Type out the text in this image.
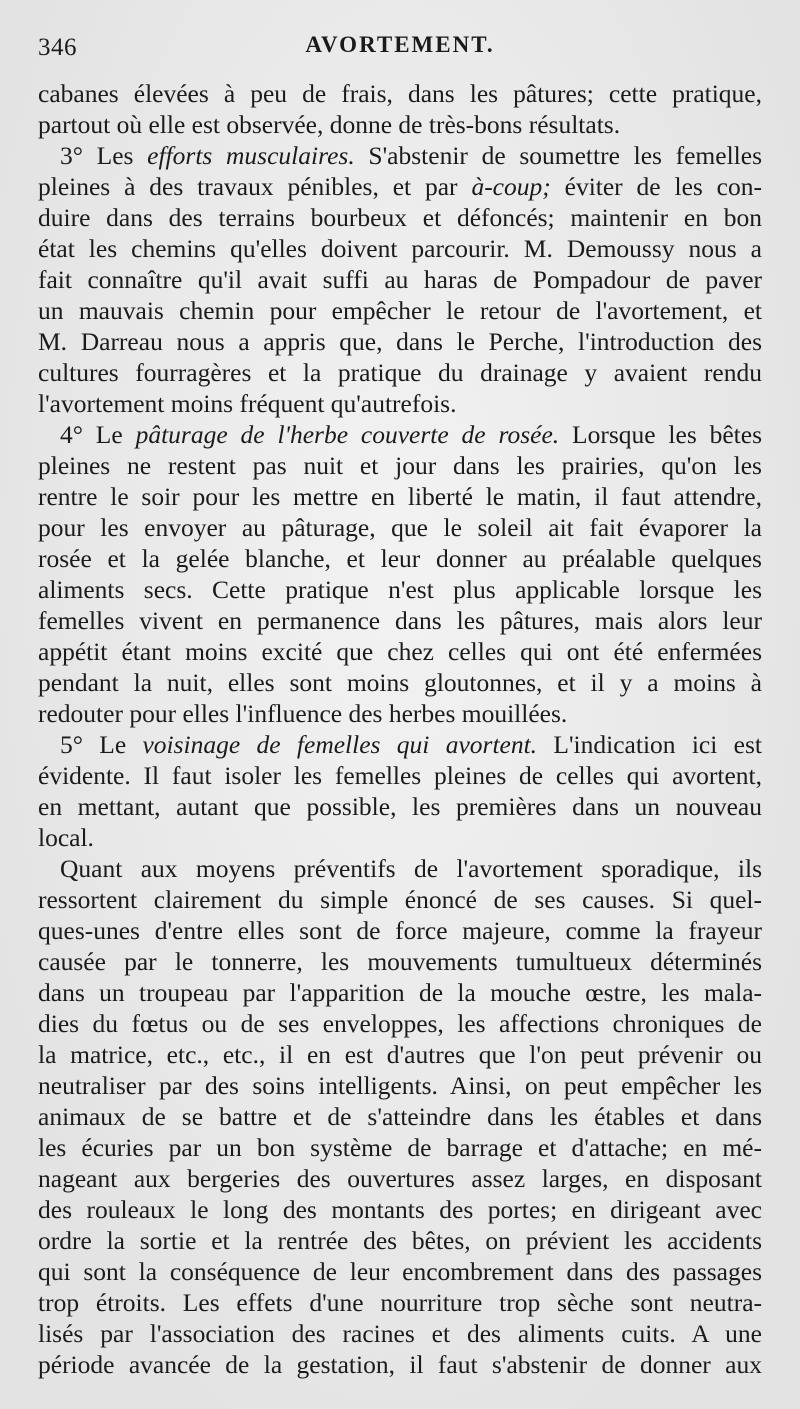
346	AVORTEMENT.
cabanes élevées à peu de frais, dans les pâtures; cette pratique,
partout où elle est observée, donne de très-bons résultats.
3° Les efforts musculaires. S'abstenir de soumettre les femelles
pleines à des travaux pénibles, et par à-coup; éviter de les con-
duire dans des terrains bourbeux et défoncés; maintenir en bon
état les chemins qu'elles doivent parcourir. M. Demoussy nous a
fait connaître qu'il avait suffi au haras de Pompadour de paver
un mauvais chemin pour empêcher le retour de l'avortement, et
M. Darreau nous a appris que, dans le Perche, l'introduction des
cultures fourragères et la pratique du drainage y avaient rendu
l'avortement moins fréquent qu'autrefois.
4° Le pâturage de l'herbe couverte de rosée. Lorsque les bêtes
pleines ne restent pas nuit et jour dans les prairies, qu'on les
rentre le soir pour les mettre en liberté le matin, il faut attendre,
pour les envoyer au pâturage, que le soleil ait fait évaporer la
rosée et la gelée blanche, et leur donner au préalable quelques
aliments secs. Cette pratique n'est plus applicable lorsque les
femelles vivent en permanence dans les pâtures, mais alors leur
appétit étant moins excité que chez celles qui ont été enfermées
pendant la nuit, elles sont moins gloutonnes, et il y a moins à
redouter pour elles l'influence des herbes mouillées.
5° Le voisinage de femelles qui avortent. L'indication ici est
évidente. Il faut isoler les femelles pleines de celles qui avortent,
en mettant, autant que possible, les premières dans un nouveau
local.
Quant aux moyens préventifs de l'avortement sporadique, ils
ressortent clairement du simple énoncé de ses causes. Si quel-
ques-unes d'entre elles sont de force majeure, comme la frayeur
causée par le tonnerre, les mouvements tumultueux déterminés
dans un troupeau par l'apparition de la mouche œstre, les mala-
dies du fœtus ou de ses enveloppes, les affections chroniques de
la matrice, etc., etc., il en est d'autres que l'on peut prévenir ou
neutraliser par des soins intelligents. Ainsi, on peut empêcher les
animaux de se battre et de s'atteindre dans les étables et dans
les écuries par un bon système de barrage et d'attache; en mé-
nageant aux bergeries des ouvertures assez larges, en disposant
des rouleaux le long des montants des portes; en dirigeant avec
ordre la sortie et la rentrée des bêtes, on prévient les accidents
qui sont la conséquence de leur encombrement dans des passages
trop étroits. Les effets d'une nourriture trop sèche sont neutra-
lisés par l'association des racines et des aliments cuits. A une
période avancée de la gestation, il faut s'abstenir de donner aux
